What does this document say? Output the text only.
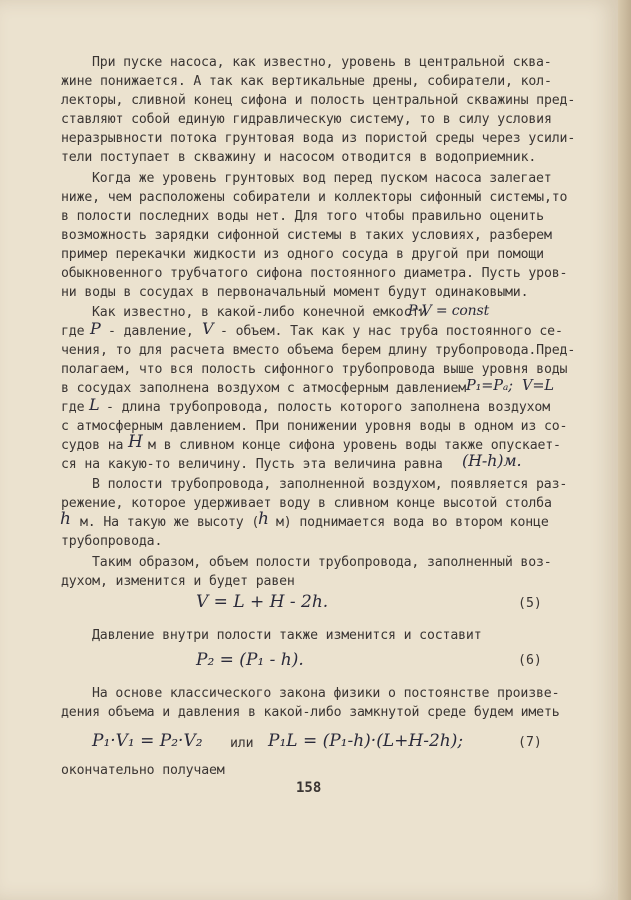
При пуске насоса, как известно, уровень в центральной сква-
жине понижается. А так как вертикальные дрены, собиратели, кол-
лекторы, сливной конец сифона и полость центральной скважины пред-
ставляют собой единую гидравлическую систему, то в силу условия
неразрывности потока грунтовая вода из пористой среды через усили-
тели поступает в скважину и насосом отводится в водоприемник.
Когда же уровень грунтовых вод перед пуском насоса залегает
ниже, чем расположены собиратели и коллекторы сифонный системы,то
в полости последних воды нет. Для того чтобы правильно оценить
возможность зарядки сифонной системы в таких условиях, разберем
пример перекачки жидкости из одного сосуда в другой при помощи
обыкновенного трубчатого сифона постоянного диаметра. Пусть уров-
ни воды в сосудах в первоначальный момент будут одинаковыми.
Как известно, в какой-либо конечной емкости
P·V = const
где P - давление, V - объем. Так как у нас труба постоянного се-
чения, то для расчета вместо объема берем длину трубопровода.Пред-
полагаем, что вся полость сифонного трубопровода выше уровня воды
в сосудах заполнена воздухом с атмосферным давлением P₁=Pₐ; V=L
где L - длина трубопровода, полость которого заполнена воздухом
с атмосферным давлением. При понижении уровня воды в одном из со-
судов на H м в сливном конце сифона уровень воды также опускает-
ся на какую-то величину. Пусть эта величина равна (H-h)м.
В полости трубопровода, заполненной воздухом, появляется раз-
режение, которое удерживает воду в сливном конце высотой столба
h м. На такую же высоту (
h м) поднимается вода во втором конце
трубопровода.
Таким образом, объем полости трубопровода, заполненный воз-
духом, изменится и будет равен
V = L + H - 2h.	(5)
Давление внутри полости также изменится и составит
P₂ = (P₁ - h).	(6)
На основе классического закона физики о постоянстве произве-
дения объема и давления в какой-либо замкнутой среде будем иметь
P₁·V₁ = P₂·V₂ или P₁L = (P₁-h)·(L+H-2h);	(7)
окончательно получаем
158
